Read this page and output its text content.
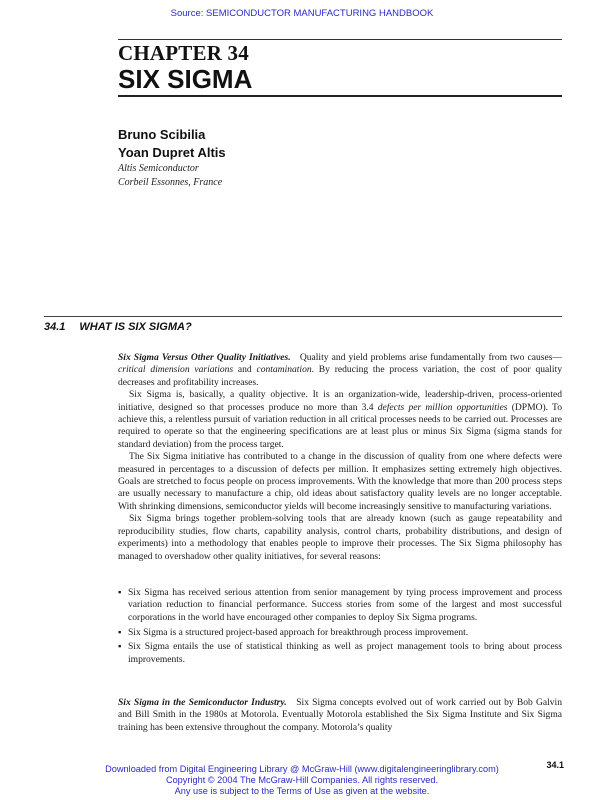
Source: SEMICONDUCTOR MANUFACTURING HANDBOOK
CHAPTER 34
SIX SIGMA
Bruno Scibilia
Yoan Dupret Altis
Altis Semiconductor
Corbeil Essonnes, France
34.1 WHAT IS SIX SIGMA?

Six Sigma Versus Other Quality Initiatives. Quality and yield problems arise fundamentally from two causes—critical dimension variations and contamination. By reducing the process variation, the cost of poor quality decreases and profitability increases.

Six Sigma is, basically, a quality objective. It is an organization-wide, leadership-driven, process-oriented initiative, designed so that processes produce no more than 3.4 defects per million opportunities (DPMO). To achieve this, a relentless pursuit of variation reduction in all critical processes needs to be carried out. Processes are required to operate so that the engineering specifications are at least plus or minus Six Sigma (sigma stands for standard deviation) from the process target.

The Six Sigma initiative has contributed to a change in the discussion of quality from one where defects were measured in percentages to a discussion of defects per million. It emphasizes setting extremely high objectives. Goals are stretched to focus people on process improvements. With the knowledge that more than 200 process steps are usually necessary to manufacture a chip, old ideas about satisfactory quality levels are no longer acceptable. With shrinking dimensions, semiconductor yields will become increasingly sensitive to manufacturing variations.

Six Sigma brings together problem-solving tools that are already known (such as gauge repeatability and reproducibility studies, flow charts, capability analysis, control charts, probability distributions, and design of experiments) into a methodology that enables people to improve their processes. The Six Sigma philosophy has managed to overshadow other quality initiatives, for several reasons:

▪ Six Sigma has received serious attention from senior management by tying process improvement and process variation reduction to financial performance. Success stories from some of the largest and most successful corporations in the world have encouraged other companies to deploy Six Sigma programs.
▪ Six Sigma is a structured project-based approach for breakthrough process improvement.
▪ Six Sigma entails the use of statistical thinking as well as project management tools to bring about process improvements.

Six Sigma in the Semiconductor Industry. Six Sigma concepts evolved out of work carried out by Bob Galvin and Bill Smith in the 1980s at Motorola. Eventually Motorola established the Six Sigma Institute and Six Sigma training has been extensive throughout the company. Motorola’s quality

34.1
Downloaded from Digital Engineering Library @ McGraw-Hill (www.digitalengineeringlibrary.com)
Copyright © 2004 The McGraw-Hill Companies. All rights reserved.
Any use is subject to the Terms of Use as given at the website.
